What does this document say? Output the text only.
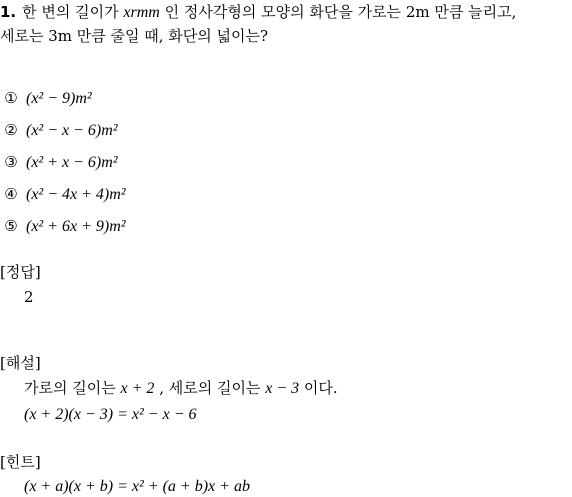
1. 한 변의 길이가 xrmm 인 정사각형의 모양의 화단을 가로는 2m 만큼 늘리고,
세로는 3m 만큼 줄일 때, 화단의 넓이는?
① (x² − 9)m²
② (x² − x − 6)m²
③ (x² + x − 6)m²
④ (x² − 4x + 4)m²
⑤ (x² + 6x + 9)m²
[정답]
2
[해설]
가로의 길이는 x + 2 , 세로의 길이는 x − 3 이다.
(x + 2)(x − 3) = x² − x − 6
[힌트]
(x + a)(x + b) = x² + (a + b)x + ab
